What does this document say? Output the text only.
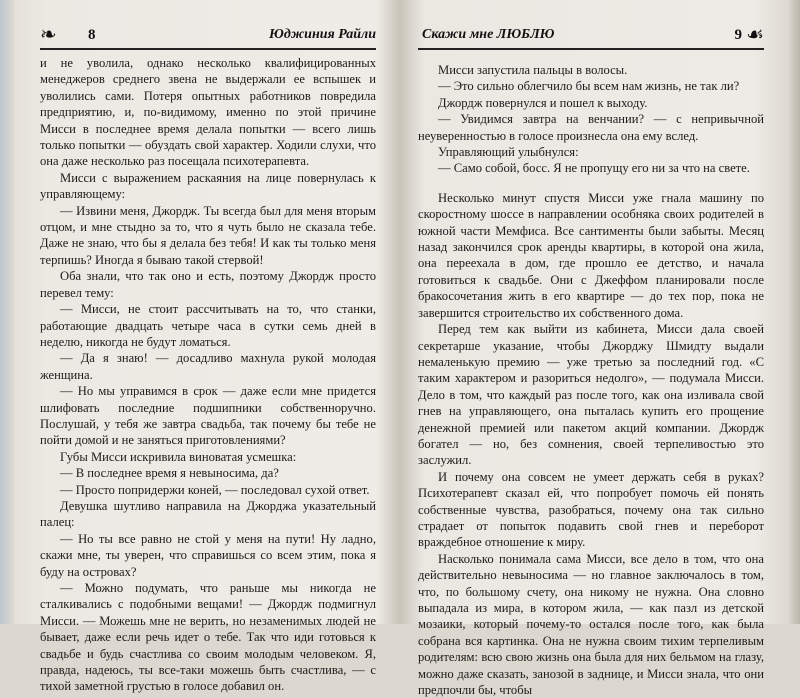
❧ 8	Юджиния Райли

и не уволила, однако несколько квалифицированных менеджеров среднего звена не выдержали ее вспышек и уволились сами. Потеря опытных работников повредила предприятию, и, по-видимому, именно по этой причине Мисси в последнее время делала попытки — всего лишь только попытки — обуздать свой характер. Ходили слухи, что она даже несколько раз посещала психотерапевта.

Мисси с выражением раскаяния на лице повернулась к управляющему:

— Извини меня, Джордж. Ты всегда был для меня вторым отцом, и мне стыдно за то, что я чуть было не сказала тебе. Даже не знаю, что бы я делала без тебя! И как ты только меня терпишь? Иногда я бываю такой стервой!

Оба знали, что так оно и есть, поэтому Джордж просто перевел тему:

— Мисси, не стоит рассчитывать на то, что станки, работающие двадцать четыре часа в сутки семь дней в неделю, никогда не будут ломаться.

— Да я знаю! — досадливо махнула рукой молодая женщина.

— Но мы управимся в срок — даже если мне придется шлифовать последние подшипники собственноручно. Послушай, у тебя же завтра свадьба, так почему бы тебе не пойти домой и не заняться приготовлениями?

Губы Мисси искривила виноватая усмешка:

— В последнее время я невыносима, да?

— Просто попридержи коней, — последовал сухой ответ.

Девушка шутливо направила на Джорджа указательный палец:

— Но ты все равно не стой у меня на пути! Ну ладно, скажи мне, ты уверен, что справишься со всем этим, пока я буду на островах?

— Можно подумать, что раньше мы никогда не сталкивались с подобными вещами! — Джордж подмигнул Мисси. — Можешь мне не верить, но незаменимых людей не бывает, даже если речь идет о тебе. Так что иди готовься к свадьбе и будь счастлива со своим молодым человеком. Я, правда, надеюсь, ты все-таки можешь быть счастлива, — с тихой заметной грустью в голосе добавил он.

Скажи мне ЛЮБЛЮ	9 ☙

Мисси запустила пальцы в волосы.

— Это сильно облегчило бы всем нам жизнь, не так ли?

Джордж повернулся и пошел к выходу.

— Увидимся завтра на венчании? — с непривычной неуверенностью в голосе произнесла она ему вслед.

Управляющий улыбнулся:

— Само собой, босс. Я не пропущу его ни за что на свете.

Несколько минут спустя Мисси уже гнала машину по скоростному шоссе в направлении особняка своих родителей в южной части Мемфиса. Все сантименты были забыты. Месяц назад закончился срок аренды квартиры, в которой она жила, она переехала в дом, где прошло ее детство, и начала готовиться к свадьбе. Они с Джеффом планировали после бракосочетания жить в его квартире — до тех пор, пока не завершится строительство их собственного дома.

Перед тем как выйти из кабинета, Мисси дала своей секретарше указание, чтобы Джорджу Шмидту выдали немаленькую премию — уже третью за последний год. «С таким характером и разориться недолго», — подумала Мисси. Дело в том, что каждый раз после того, как она изливала свой гнев на управляющего, она пыталась купить его прощение денежной премией или пакетом акций компании. Джордж богател — но, без сомнения, своей терпеливостью это заслужил.

И почему она совсем не умеет держать себя в руках? Психотерапевт сказал ей, что попробует помочь ей понять собственные чувства, разобраться, почему она так сильно страдает от попыток подавить свой гнев и переборот враждебное отношение к миру.

Насколько понимала сама Мисси, все дело в том, что она действительно невыносима — но главное заключалось в том, что, по большому счету, она никому не нужна. Она словно выпадала из мира, в котором жила, — как пазл из детской мозаики, который почему-то остался после того, как была собрана вся картинка. Она не нужна своим тихим терпеливым родителям: всю свою жизнь она была для них бельмом на глазу, можно даже сказать, занозой в заднице, и Мисси знала, что они предпочли бы, чтобы
